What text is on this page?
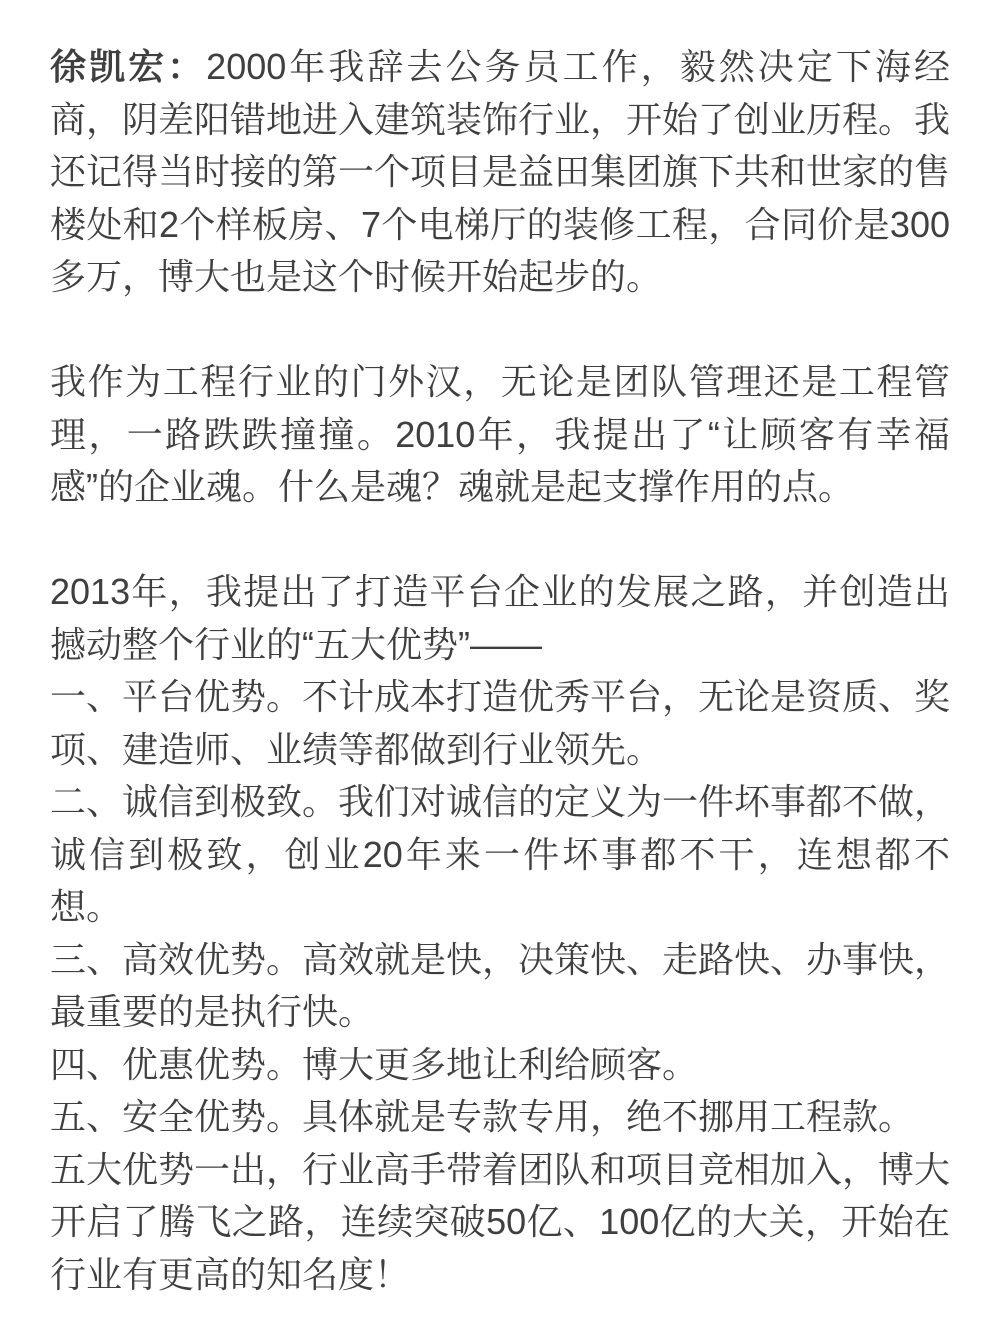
徐凯宏：2000年我辞去公务员工作，毅然决定下海经商，阴差阳错地进入建筑装饰行业，开始了创业历程。我还记得当时接的第一个项目是益田集团旗下共和世家的售楼处和2个样板房、7个电梯厅的装修工程，合同价是300多万，博大也是这个时候开始起步的。

我作为工程行业的门外汉，无论是团队管理还是工程管理，一路跌跌撞撞。2010年，我提出了“让顾客有幸福感”的企业魂。什么是魂？魂就是起支撑作用的点。

2013年，我提出了打造平台企业的发展之路，并创造出撼动整个行业的“五大优势”——
一、平台优势。不计成本打造优秀平台，无论是资质、奖项、建造师、业绩等都做到行业领先。
二、诚信到极致。我们对诚信的定义为一件坏事都不做，诚信到极致，创业20年来一件坏事都不干，连想都不想。
三、高效优势。高效就是快，决策快、走路快、办事快，最重要的是执行快。
四、优惠优势。博大更多地让利给顾客。
五、安全优势。具体就是专款专用，绝不挪用工程款。
五大优势一出，行业高手带着团队和项目竞相加入，博大开启了腾飞之路，连续突破50亿、100亿的大关，开始在行业有更高的知名度！
